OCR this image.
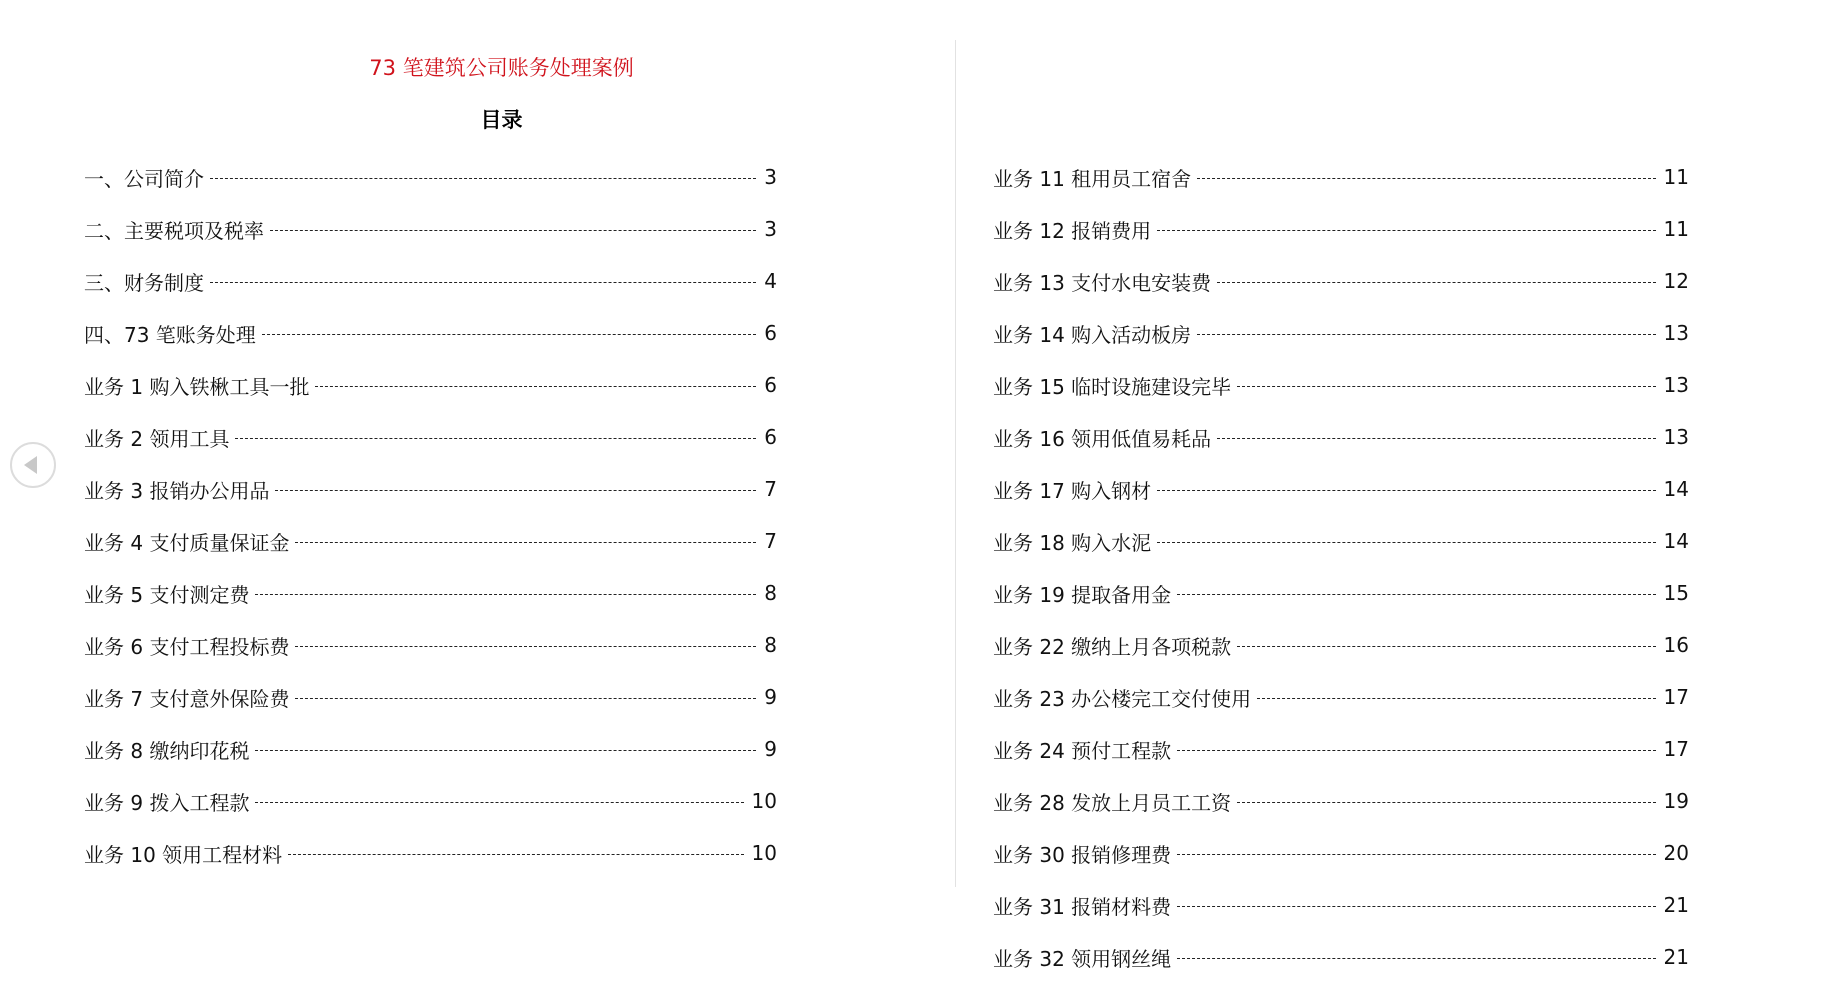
73 笔建筑公司账务处理案例
目录
一、公司简介	3
二、主要税项及税率	3
三、财务制度	4
四、73 笔账务处理	6
业务 1 购入铁楸工具一批	6
业务 2 领用工具	6
业务 3 报销办公用品	7
业务 4 支付质量保证金	7
业务 5 支付测定费	8
业务 6 支付工程投标费	8
业务 7 支付意外保险费	9
业务 8 缴纳印花税	9
业务 9 拨入工程款	10
业务 10 领用工程材料	10
业务 11 租用员工宿舍	11
业务 12 报销费用	11
业务 13 支付水电安装费	12
业务 14 购入活动板房	13
业务 15 临时设施建设完毕	13
业务 16 领用低值易耗品	13
业务 17 购入钢材	14
业务 18 购入水泥	14
业务 19 提取备用金	15
业务 22 缴纳上月各项税款	16
业务 23 办公楼完工交付使用	17
业务 24 预付工程款	17
业务 28 发放上月员工工资	19
业务 30 报销修理费	20
业务 31 报销材料费	21
业务 32 领用钢丝绳	21
